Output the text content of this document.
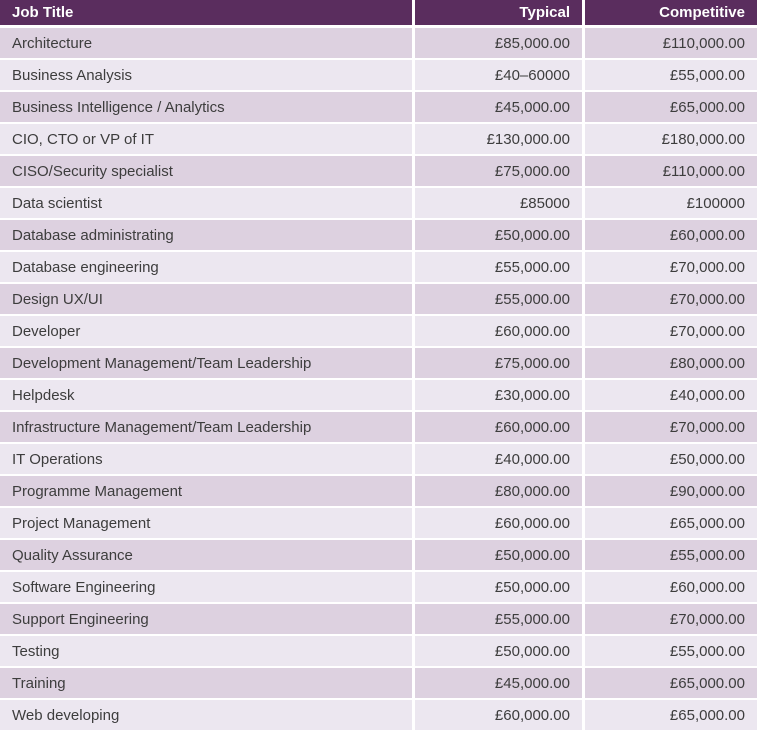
Job Title	Typical	Competitive
Architecture	£85,000.00	£110,000.00
Business Analysis	£40–60000	£55,000.00
Business Intelligence / Analytics	£45,000.00	£65,000.00
CIO, CTO or VP of IT	£130,000.00	£180,000.00
CISO/Security specialist	£75,000.00	£110,000.00
Data scientist	£85000	£100000
Database administrating	£50,000.00	£60,000.00
Database engineering	£55,000.00	£70,000.00
Design UX/UI	£55,000.00	£70,000.00
Developer	£60,000.00	£70,000.00
Development Management/Team Leadership	£75,000.00	£80,000.00
Helpdesk	£30,000.00	£40,000.00
Infrastructure Management/Team Leadership	£60,000.00	£70,000.00
IT Operations	£40,000.00	£50,000.00
Programme Management	£80,000.00	£90,000.00
Project Management	£60,000.00	£65,000.00
Quality Assurance	£50,000.00	£55,000.00
Software Engineering	£50,000.00	£60,000.00
Support Engineering	£55,000.00	£70,000.00
Testing	£50,000.00	£55,000.00
Training	£45,000.00	£65,000.00
Web developing	£60,000.00	£65,000.00
